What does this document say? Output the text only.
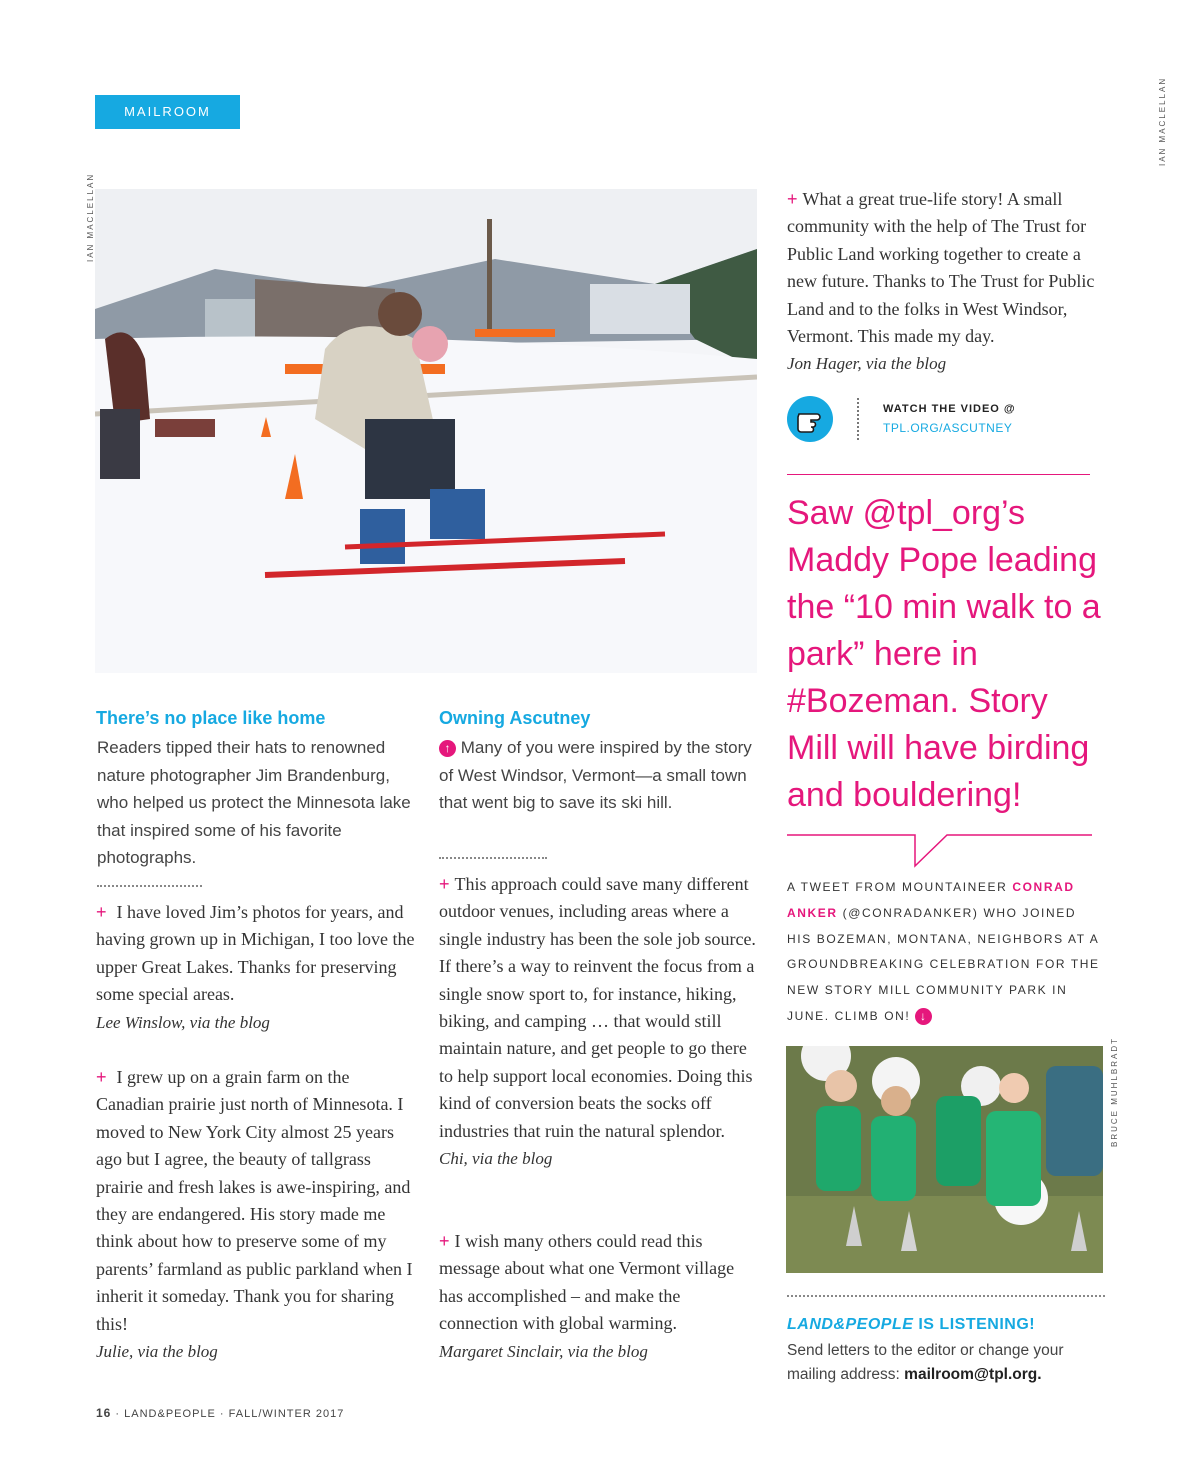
MAILROOM
IAN MACLELLAN
IAN MACLELLAN
BRUCE MUHLBRADT
There’s no place like home
Readers tipped their hats to renowned nature photographer Jim Brandenburg, who helped us protect the Minnesota lake that inspired some of his favorite photographs.
+  I have loved Jim’s photos for years, and having grown up in Michigan, I too love the upper Great Lakes. Thanks for preserving some special areas.
Lee Winslow, via the blog
+  I grew up on a grain farm on the Canadian prairie just north of Minnesota. I moved to New York City almost 25 years ago but I agree, the beauty of tallgrass prairie and fresh lakes is awe-inspiring, and they are endangered. His story made me think about how to preserve some of my parents’ farmland as public parkland when I inherit it someday. Thank you for sharing this!
Julie, via the blog
Owning Ascutney
↑ Many of you were inspired by the story of West Windsor, Vermont—a small town that went big to save its ski hill.
+ This approach could save many different outdoor venues, including areas where a single industry has been the sole job source. If there’s a way to reinvent the focus from a single snow sport to, for instance, hiking, biking, and camping … that would still maintain nature, and get people to go there to help support local economies. Doing this kind of conversion beats the socks off industries that ruin the natural splendor.
Chi, via the blog
+ I wish many others could read this message about what one Vermont village has accomplished – and make the connection with global warming.
Margaret Sinclair, via the blog
+ What a great true-life story! A small community with the help of The Trust for Public Land working together to create a new future. Thanks to The Trust for Public Land and to the folks in West Windsor, Vermont. This made my day.
Jon Hager, via the blog
WATCH THE VIDEO @
TPL.ORG/ASCUTNEY
Saw @tpl_org’s Maddy Pope leading the “10 min walk to a park” here in #Bozeman. Story Mill will have birding and bouldering!
A TWEET FROM MOUNTAINEER CONRAD ANKER (@CONRADANKER) WHO JOINED HIS BOZEMAN, MONTANA, NEIGHBORS AT A GROUNDBREAKING CELEBRATION FOR THE NEW STORY MILL COMMUNITY PARK IN JUNE. CLIMB ON! ↓
LAND&PEOPLE IS LISTENING!
Send letters to the editor or change your mailing address: mailroom@tpl.org.
16 · LAND&PEOPLE · FALL/WINTER 2017
